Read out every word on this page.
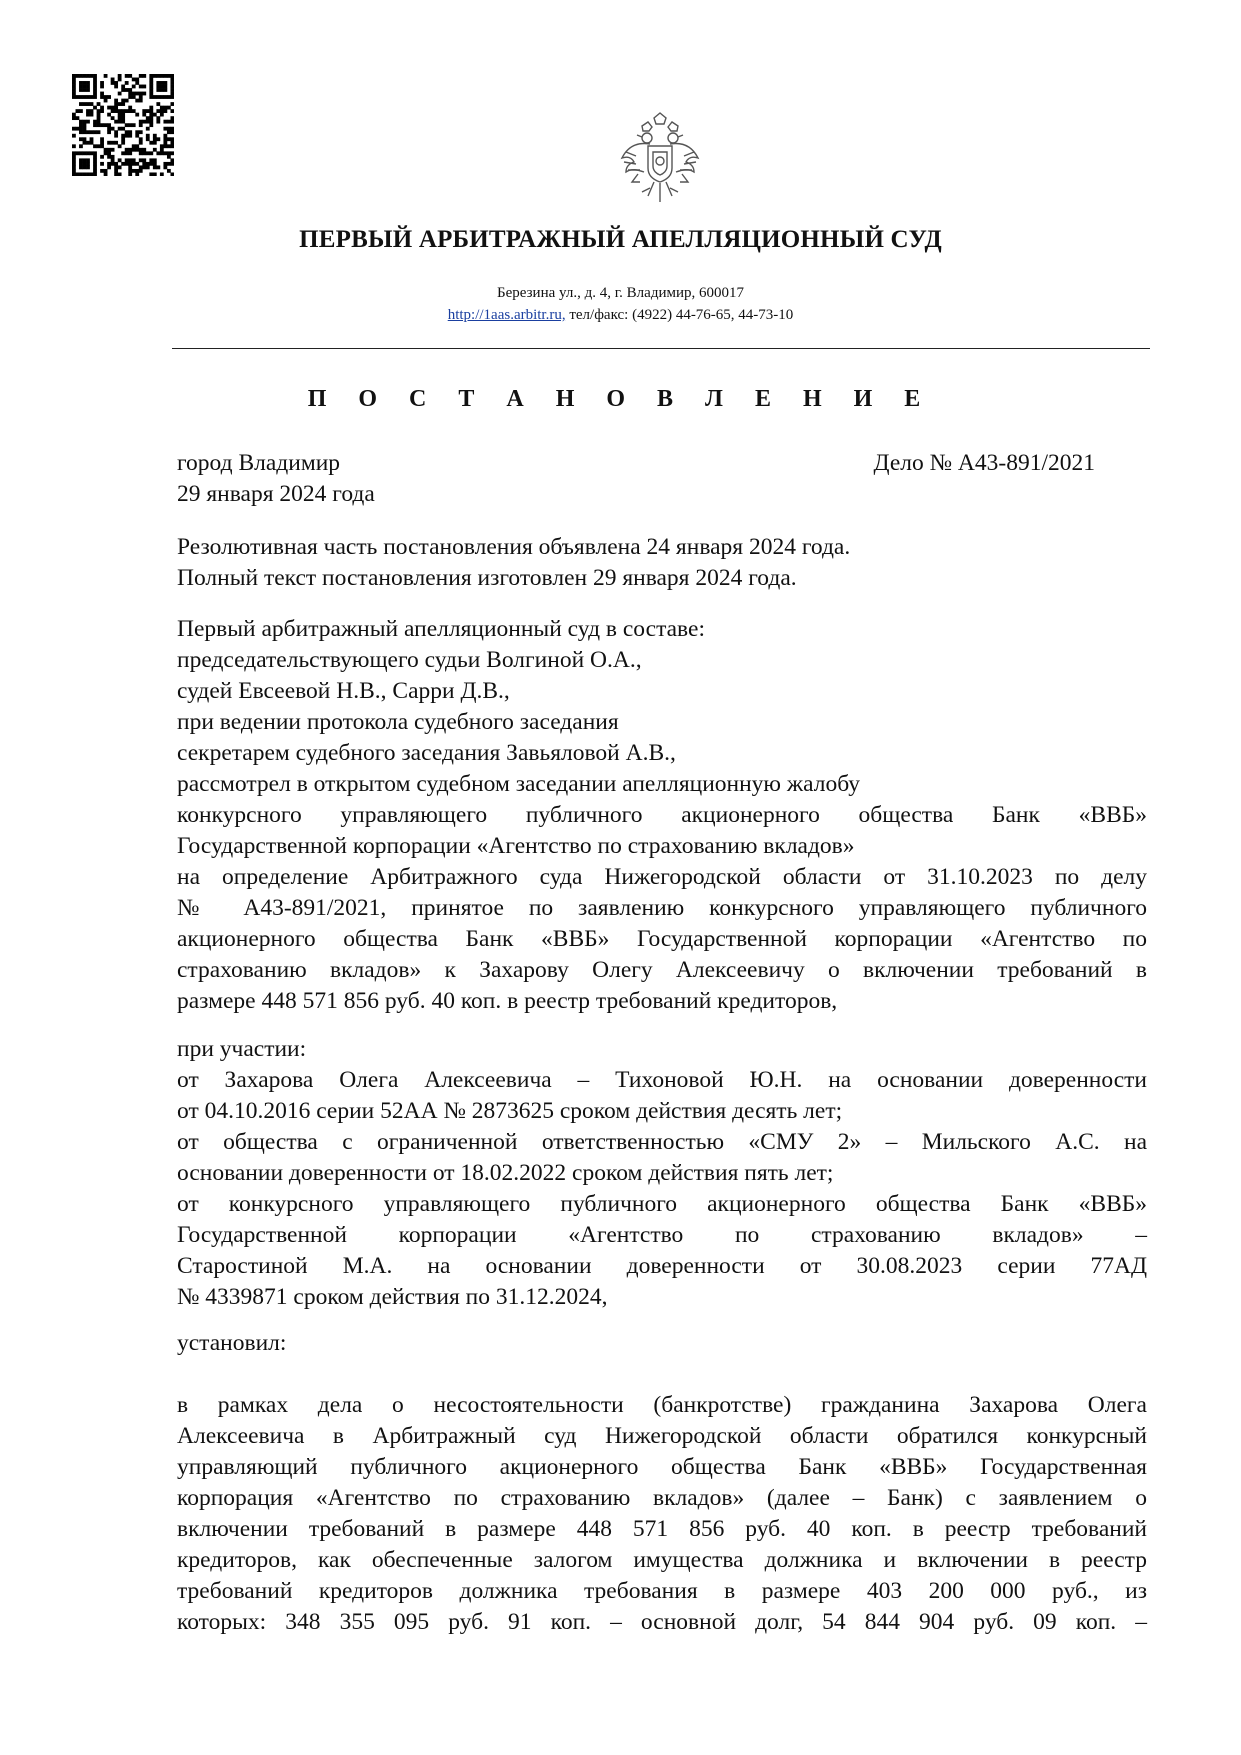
ПЕРВЫЙ АРБИТРАЖНЫЙ АПЕЛЛЯЦИОННЫЙ СУД
Березина ул., д. 4, г. Владимир, 600017
http://1aas.arbitr.ru, тел/факс: (4922) 44-76-65, 44-73-10
П О С Т А Н О В Л Е Н И Е
город Владимир	Дело № А43-891/2021
29 января 2024 года
Резолютивная часть постановления объявлена 24 января 2024 года.
Полный текст постановления изготовлен 29 января 2024 года.
Первый арбитражный апелляционный суд в составе:
председательствующего судьи Волгиной О.А.,
судей Евсеевой Н.В., Сарри Д.В.,
при ведении протокола судебного заседания
секретарем судебного заседания Завьяловой А.В.,
рассмотрел в открытом судебном заседании апелляционную жалобу
конкурсного управляющего публичного акционерного общества Банк «ВВБ»
Государственной корпорации «Агентство по страхованию вкладов»
на определение Арбитражного суда Нижегородской области от 31.10.2023 по делу
№ А43-891/2021, принятое по заявлению конкурсного управляющего публичного
акционерного общества Банк «ВВБ» Государственной корпорации «Агентство по
страхованию вкладов» к Захарову Олегу Алексеевичу о включении требований в
размере 448 571 856 руб. 40 коп. в реестр требований кредиторов,
при участии:
от Захарова Олега Алексеевича – Тихоновой Ю.Н. на основании доверенности
от 04.10.2016 серии 52АА № 2873625 сроком действия десять лет;
от общества с ограниченной ответственностью «СМУ 2» – Мильского А.С. на
основании доверенности от 18.02.2022 сроком действия пять лет;
от конкурсного управляющего публичного акционерного общества Банк «ВВБ»
Государственной корпорации «Агентство по страхованию вкладов» –
Старостиной М.А. на основании доверенности от 30.08.2023 серии 77АД
№ 4339871 сроком действия по 31.12.2024,
установил:
в рамках дела о несостоятельности (банкротстве) гражданина Захарова Олега
Алексеевича в Арбитражный суд Нижегородской области обратился конкурсный
управляющий публичного акционерного общества Банк «ВВБ» Государственная
корпорация «Агентство по страхованию вкладов» (далее – Банк) с заявлением о
включении требований в размере 448 571 856 руб. 40 коп. в реестр требований
кредиторов, как обеспеченные залогом имущества должника и включении в реестр
требований кредиторов должника требования в размере 403 200 000 руб., из
которых: 348 355 095 руб. 91 коп. – основной долг, 54 844 904 руб. 09 коп. –
